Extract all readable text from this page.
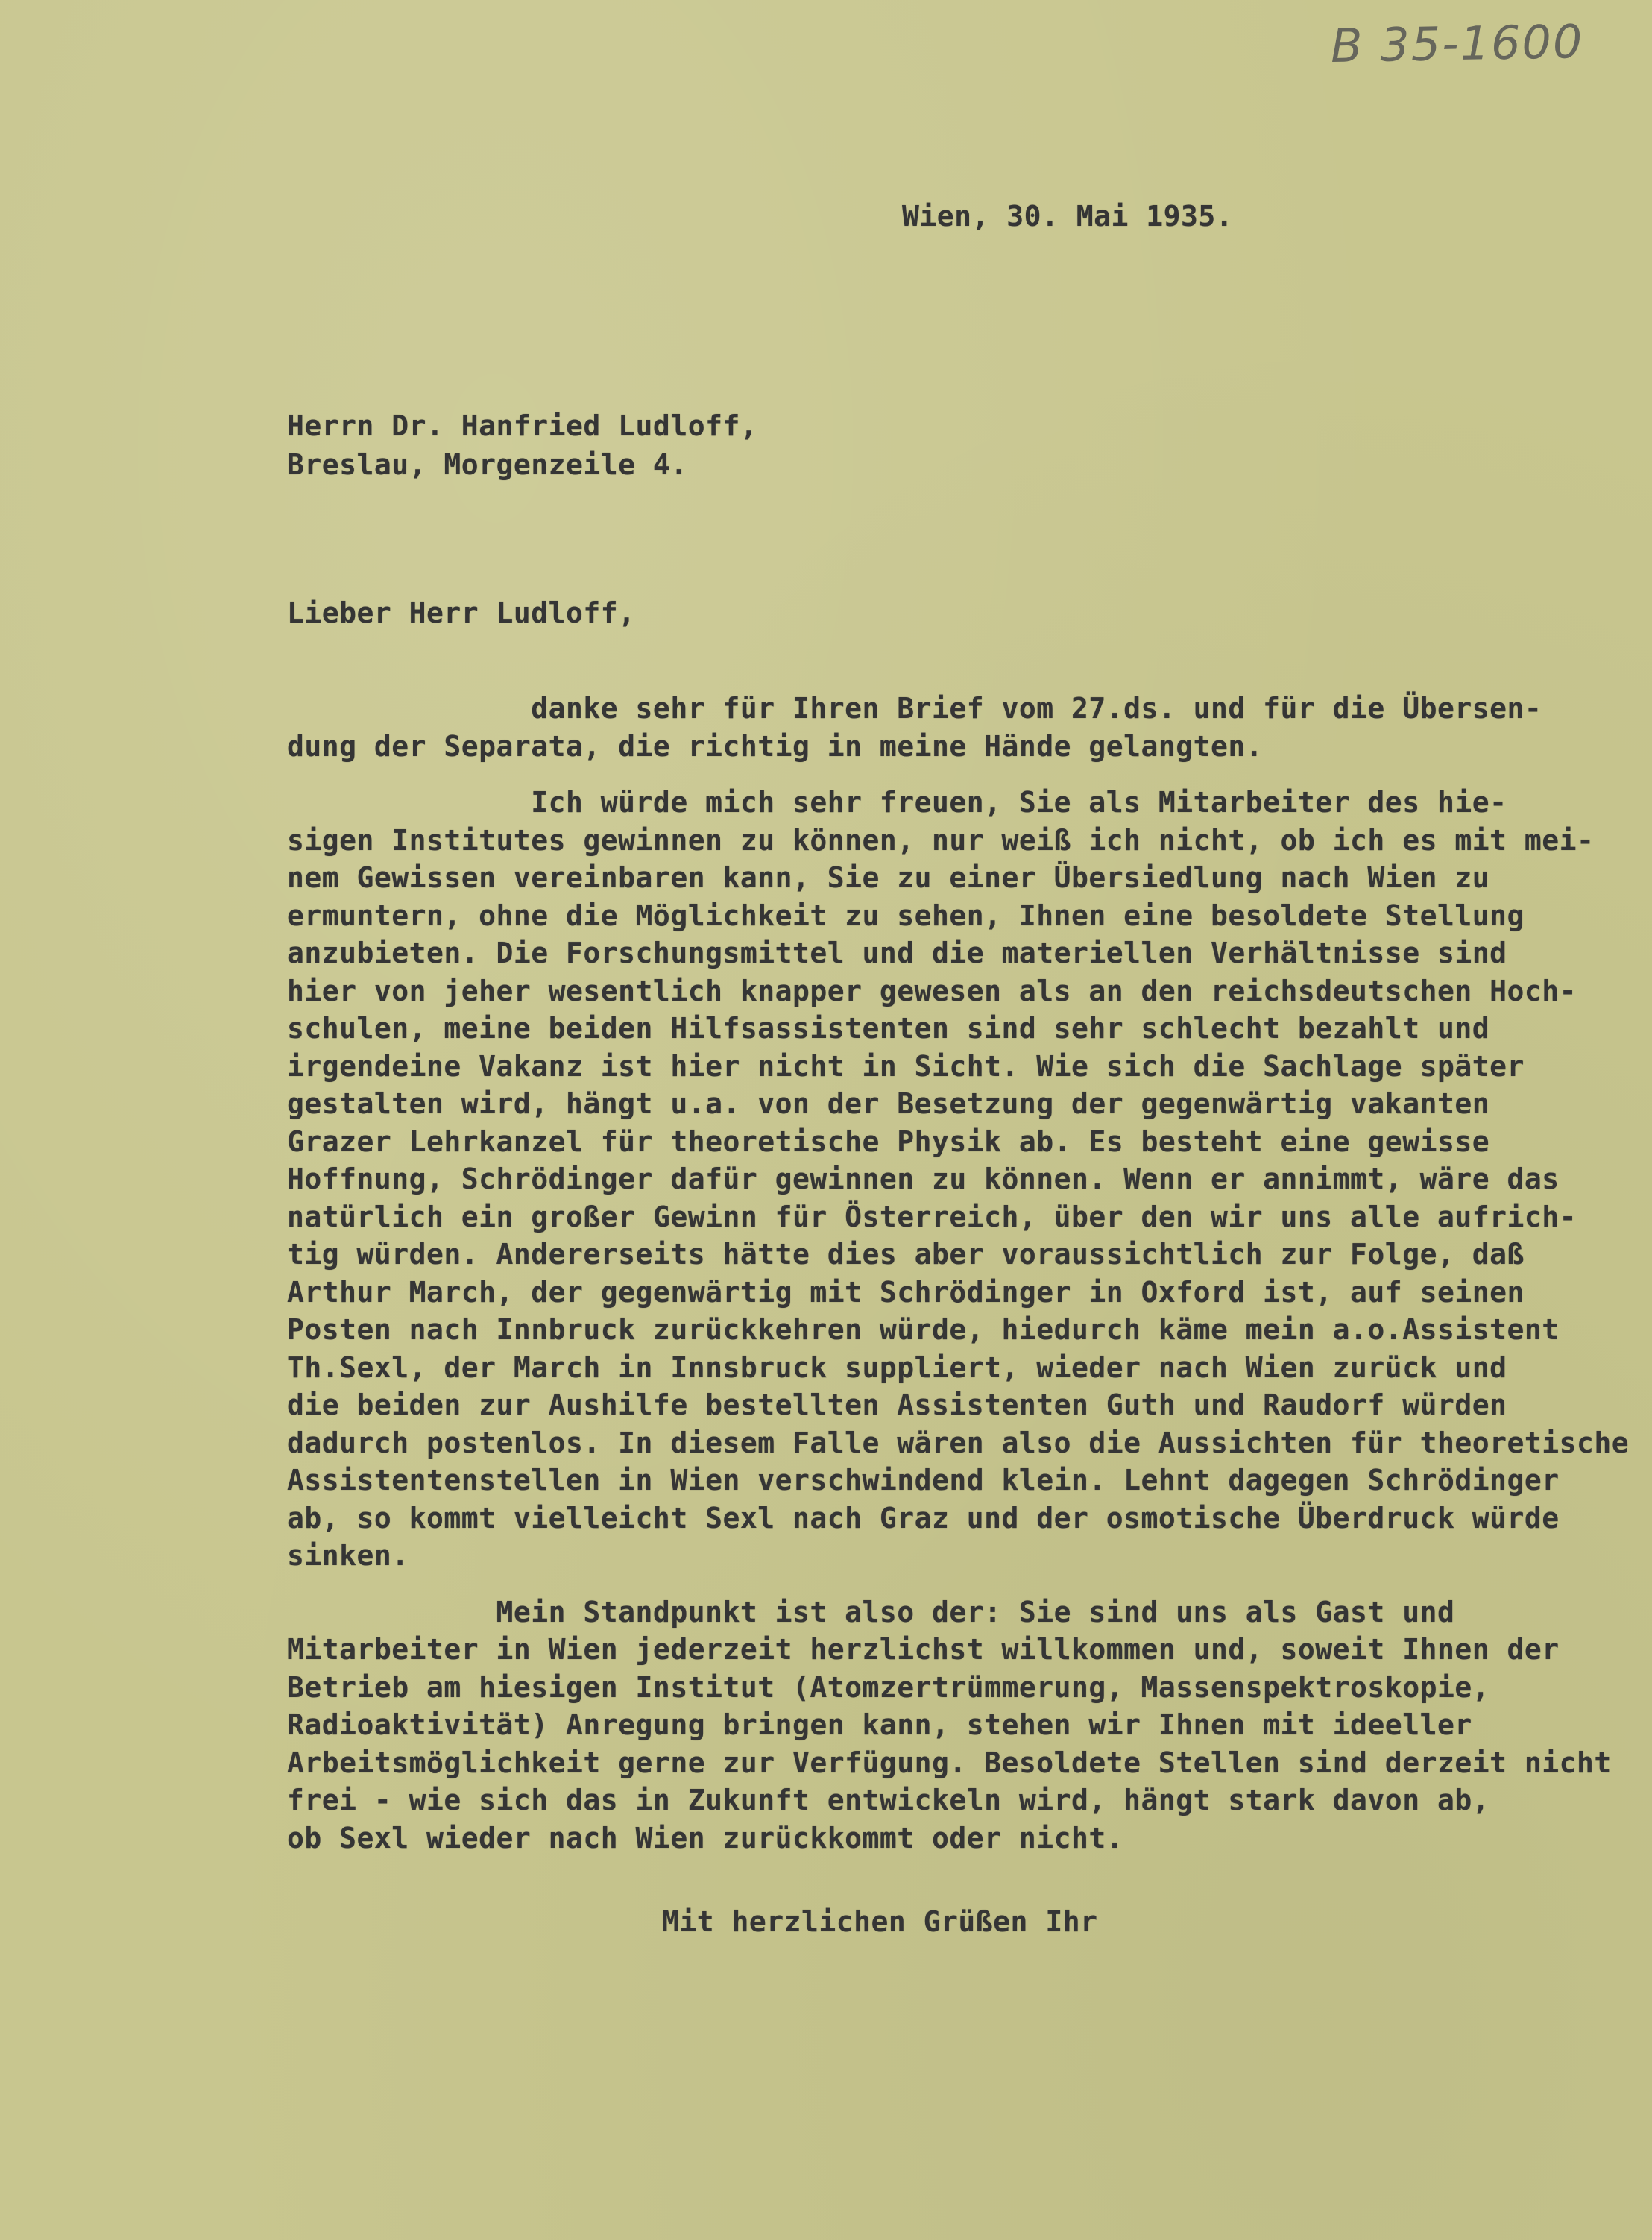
B 35-1600
Wien, 30. Mai 1935.
Herrn Dr. Hanfried Ludloff,
Breslau, Morgenzeile 4.
Lieber Herr Ludloff,
danke sehr für Ihren Brief vom 27.ds. und für die Übersen-
dung der Separata, die richtig in meine Hände gelangten.
Ich würde mich sehr freuen, Sie als Mitarbeiter des hie-
sigen Institutes gewinnen zu können, nur weiß ich nicht, ob ich es mit mei-
nem Gewissen vereinbaren kann, Sie zu einer Übersiedlung nach Wien zu
ermuntern, ohne die Möglichkeit zu sehen, Ihnen eine besoldete Stellung
anzubieten. Die Forschungsmittel und die materiellen Verhältnisse sind
hier von jeher wesentlich knapper gewesen als an den reichsdeutschen Hoch-
schulen, meine beiden Hilfsassistenten sind sehr schlecht bezahlt und
irgendeine Vakanz ist hier nicht in Sicht. Wie sich die Sachlage später
gestalten wird, hängt u.a. von der Besetzung der gegenwärtig vakanten
Grazer Lehrkanzel für theoretische Physik ab. Es besteht eine gewisse
Hoffnung, Schrödinger dafür gewinnen zu können. Wenn er annimmt, wäre das
natürlich ein großer Gewinn für Österreich, über den wir uns alle aufrich-
tig würden. Andererseits hätte dies aber voraussichtlich zur Folge, daß
Arthur March, der gegenwärtig mit Schrödinger in Oxford ist, auf seinen
Posten nach Innbruck zurückkehren würde, hiedurch käme mein a.o.Assistent
Th.Sexl, der March in Innsbruck suppliert, wieder nach Wien zurück und
die beiden zur Aushilfe bestellten Assistenten Guth und Raudorf würden
dadurch postenlos. In diesem Falle wären also die Aussichten für theoretische
Assistentenstellen in Wien verschwindend klein. Lehnt dagegen Schrödinger
ab, so kommt vielleicht Sexl nach Graz und der osmotische Überdruck würde
sinken.
Mein Standpunkt ist also der: Sie sind uns als Gast und
Mitarbeiter in Wien jederzeit herzlichst willkommen und, soweit Ihnen der
Betrieb am hiesigen Institut (Atomzertrümmerung, Massenspektroskopie,
Radioaktivität) Anregung bringen kann, stehen wir Ihnen mit ideeller
Arbeitsmöglichkeit gerne zur Verfügung. Besoldete Stellen sind derzeit nicht
frei - wie sich das in Zukunft entwickeln wird, hängt stark davon ab,
ob Sexl wieder nach Wien zurückkommt oder nicht.
Mit herzlichen Grüßen Ihr
